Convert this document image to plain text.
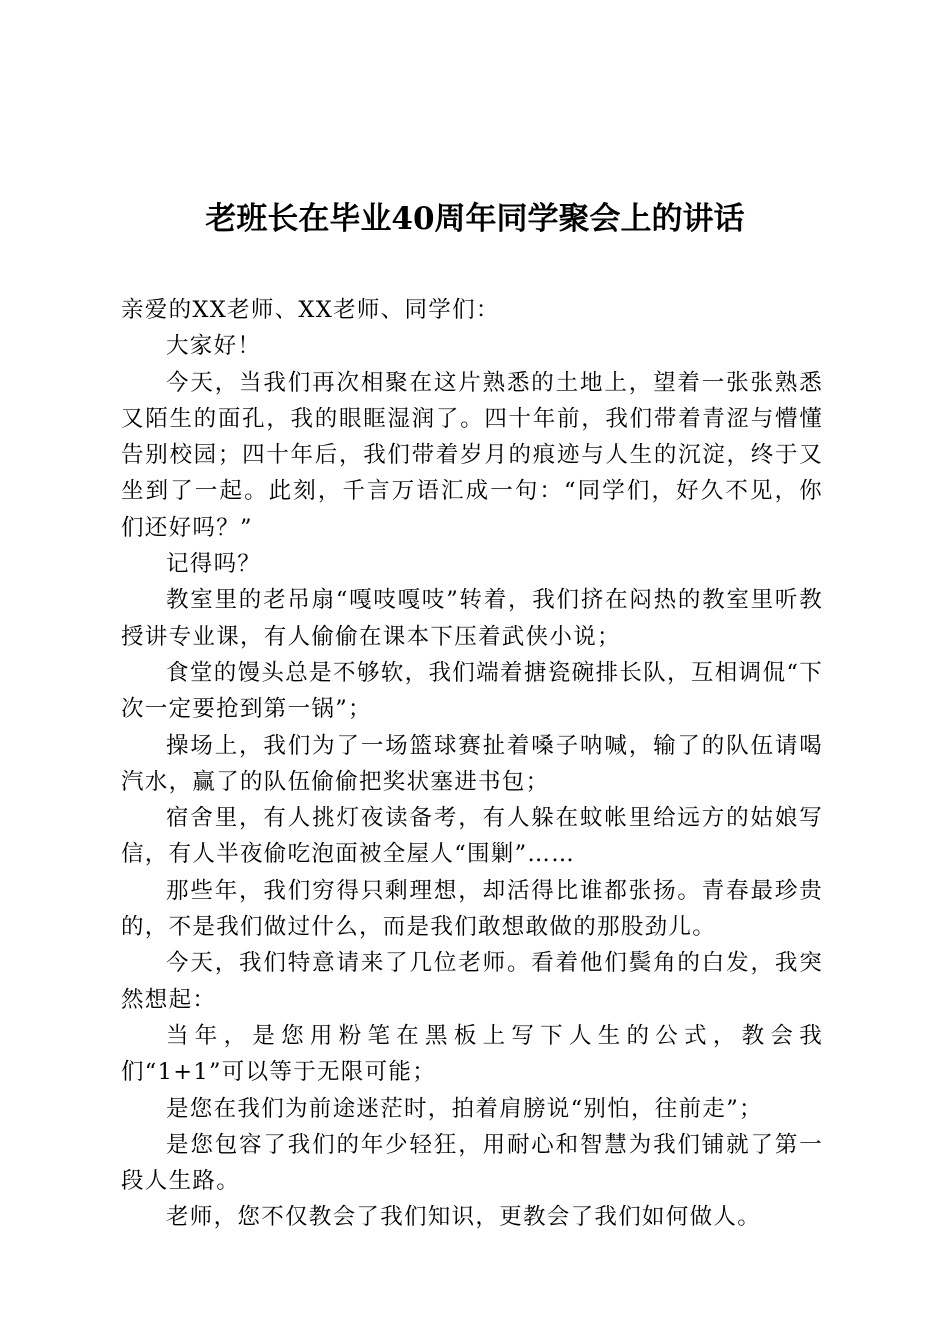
老班长在毕业40周年同学聚会上的讲话

亲爱的XX老师、XX老师、同学们：

大家好！

今天，当我们再次相聚在这片熟悉的土地上，望着一张张熟悉又陌生的面孔，我的眼眶湿润了。四十年前，我们带着青涩与懵懂告别校园；四十年后，我们带着岁月的痕迹与人生的沉淀，终于又坐到了一起。此刻，千言万语汇成一句：“同学们，好久不见，你们还好吗？”

记得吗？

教室里的老吊扇“嘎吱嘎吱”转着，我们挤在闷热的教室里听教授讲专业课，有人偷偷在课本下压着武侠小说；

食堂的馒头总是不够软，我们端着搪瓷碗排长队，互相调侃“下次一定要抢到第一锅”；

操场上，我们为了一场篮球赛扯着嗓子呐喊，输了的队伍请喝汽水，赢了的队伍偷偷把奖状塞进书包；

宿舍里，有人挑灯夜读备考，有人躲在蚊帐里给远方的姑娘写信，有人半夜偷吃泡面被全屋人“围剿”……

那些年，我们穷得只剩理想，却活得比谁都张扬。青春最珍贵的，不是我们做过什么，而是我们敢想敢做的那股劲儿。

今天，我们特意请来了几位老师。看着他们鬓角的白发，我突然想起：

当年，是您用粉笔在黑板上写下人生的公式，教会我们“1+1”可以等于无限可能；

是您在我们为前途迷茫时，拍着肩膀说“别怕，往前走”；

是您包容了我们的年少轻狂，用耐心和智慧为我们铺就了第一段人生路。

老师，您不仅教会了我们知识，更教会了我们如何做人。
